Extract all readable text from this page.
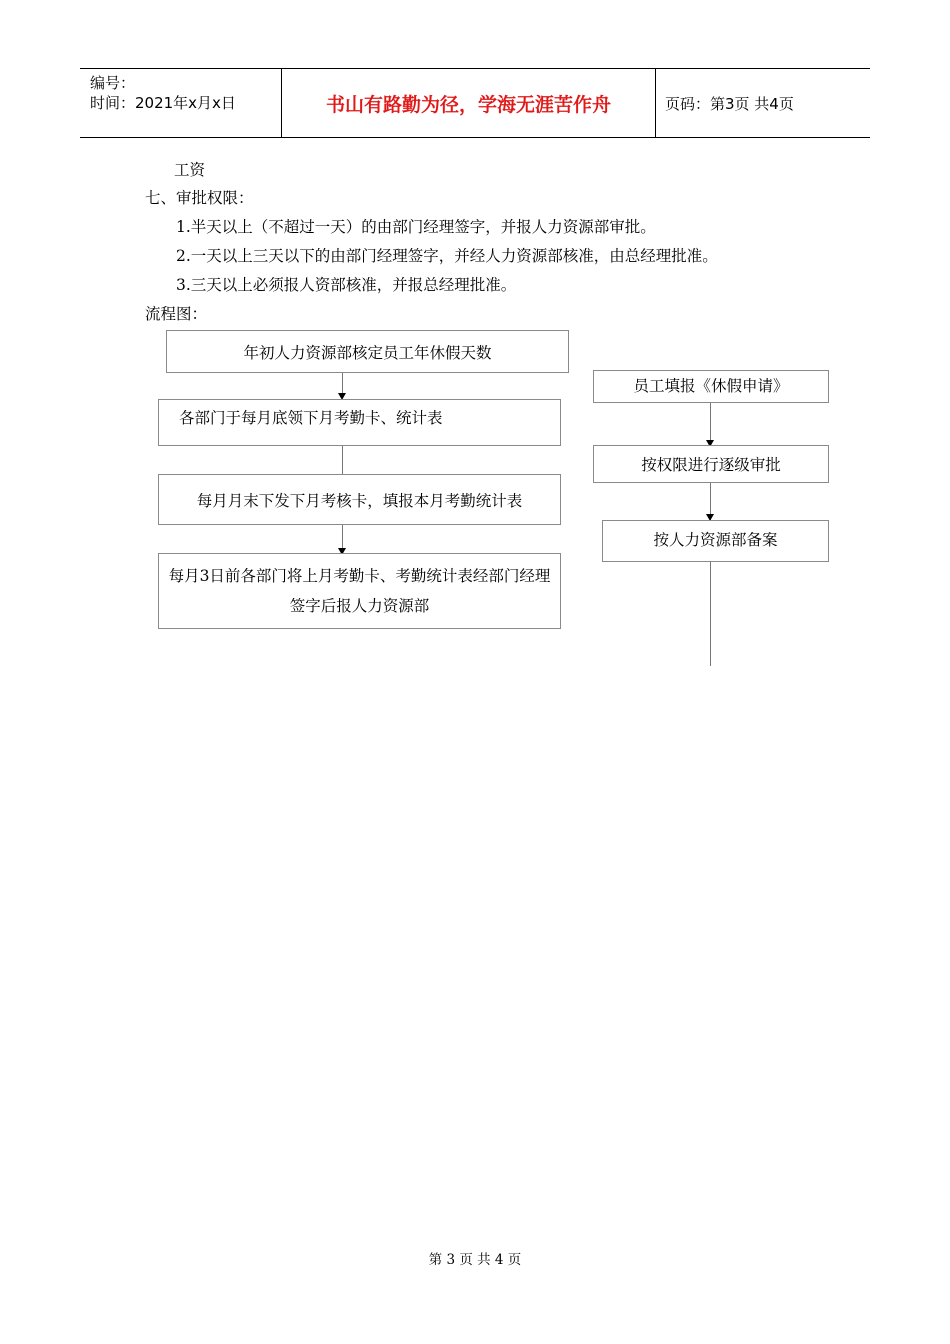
编号：
时间：2021年x月x日	书山有路勤为径，学海无涯苦作舟	页码：第3页 共4页
工资
七、审批权限：
1.半天以上（不超过一天）的由部门经理签字，并报人力资源部审批。
2.一天以上三天以下的由部门经理签字，并经人力资源部核准，由总经理批准。
3.三天以上必须报人资部核准，并报总经理批准。
流程图：
年初人力资源部核定员工年休假天数
各部门于每月底领下月考勤卡、统计表
每月月末下发下月考核卡，填报本月考勤统计表
每月3日前各部门将上月考勤卡、考勤统计表经部门经理签字后报人力资源部
员工填报《休假申请》
按权限进行逐级审批
按人力资源部备案
第 3 页 共 4 页
